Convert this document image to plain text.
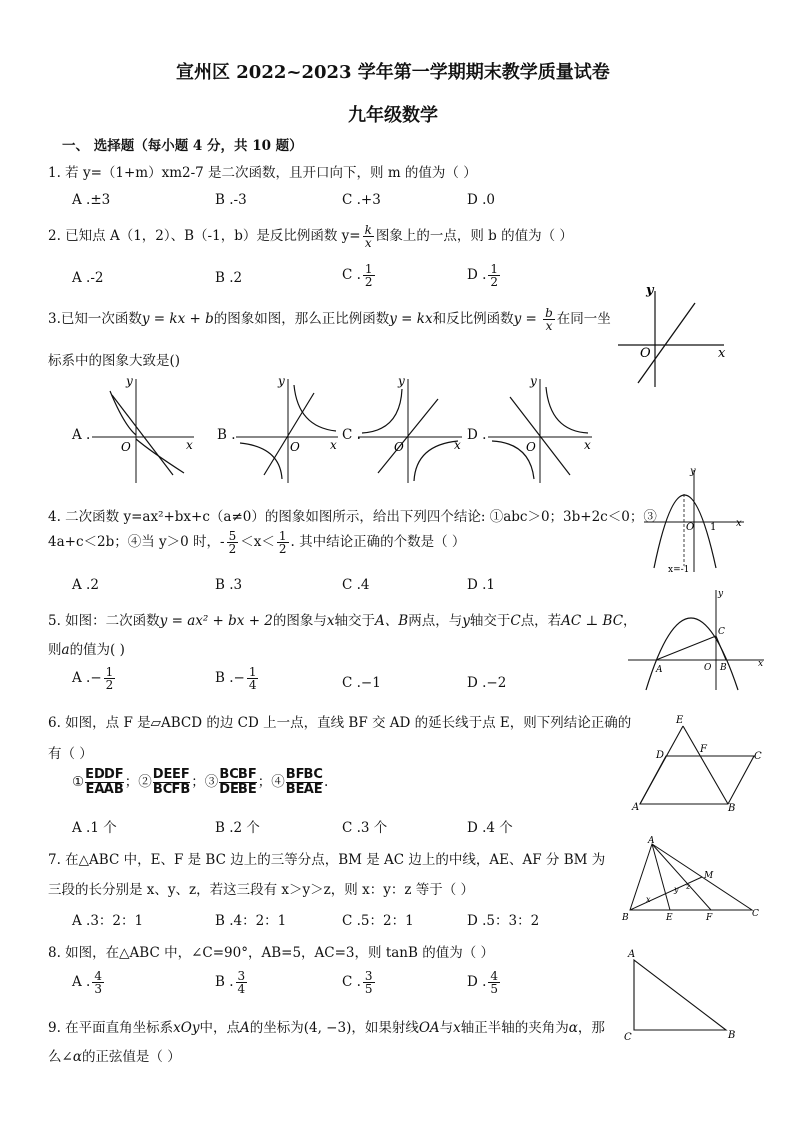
宣州区 2022~2023 学年第一学期期末教学质量试卷
九年级数学
一、 选择题（每小题 4 分，共 10 题）
1. 若 y=（1+m）xm2-7 是二次函数，且开口向下，则 m 的值为（ ）
A .±3	B .-3	C .+3	D .0
2. 已知点 A（1，2）、B（-1，b）是反比例函数 $y= \frac{k}{x}$ 图象上的一点，则 b 的值为（ ）
A .-2	B .2	C . $\frac{1}{2}$	D . $\frac{1}{2}$
3.已知一次函数y = kx + b的图象如图，那么正比例函数y = kx和反比例函数$y = \frac{b}{x}$ 在同一坐
标系中的图象大致是()
y
x
O
A .
y
x
O
B .
y
x
O
C .
y
x
O
D .
y
x
O
4. 二次函数 y=ax²+bx+c（a≠0）的图象如图所示，给出下列四个结论: ①abc＞0；3b+2c＜0；③
4a+c＜2b；④当 y＞0 时，- $\frac{5}{2} <x< \frac{1}{2}$ . 其中结论正确的个数是（ ）
A .2	B .3	C .4	D .1
y
x
O 1
x=-1
5. 如图：二次函数y = ax² + bx + 2的图象与x轴交于A、B两点，与y轴交于C点，若AC ⊥ BC，
则a的值为( )
A .− $\frac{1}{2}$	B .− $\frac{1}{4}$	C .−1	D .−2
y
x
A	O B
C
6. 如图，点 F 是▱ABCD 的边 CD 上一点，直线 BF 交 AD 的延长线于点 E，则下列结论正确的
有（ ）
① $\frac{ED}{EA} \frac{DF}{AB}$ ；② $\frac{DE}{BC} \frac{EF}{FB}$ ；③ $\frac{BC}{DE} \frac{BF}{BE}$ ；④ $\frac{BF}{BE} \frac{BC}{AE}$ .
A .1 个	B .2 个	C .3 个	D .4 个
E
D
F
C
A	B
7. 在△ABC 中，E、F 是 BC 边上的三等分点，BM 是 AC 边上的中线，AE、AF 分 BM 为
三段的长分别是 x、y、z，若这三段有 x＞y＞z，则 x：y：z 等于（ ）
A .3：2：1	B .4：2：1	C .5：2：1	D .5：3：2
A
M
z
y
x
B	E	F	C
8. 如图，在△ABC 中，∠C=90°，AB=5，AC=3，则 tanB 的值为（ ）
A . $\frac{4}{3}$	B . $\frac{3}{4}$	C . $\frac{3}{5}$	D . $\frac{4}{5}$
A
C	B
9. 在平面直角坐标系xOy中，点A的坐标为(4, −3)，如果射线OA与x轴正半轴的夹角为α，那
么∠α的正弦值是（ ）
